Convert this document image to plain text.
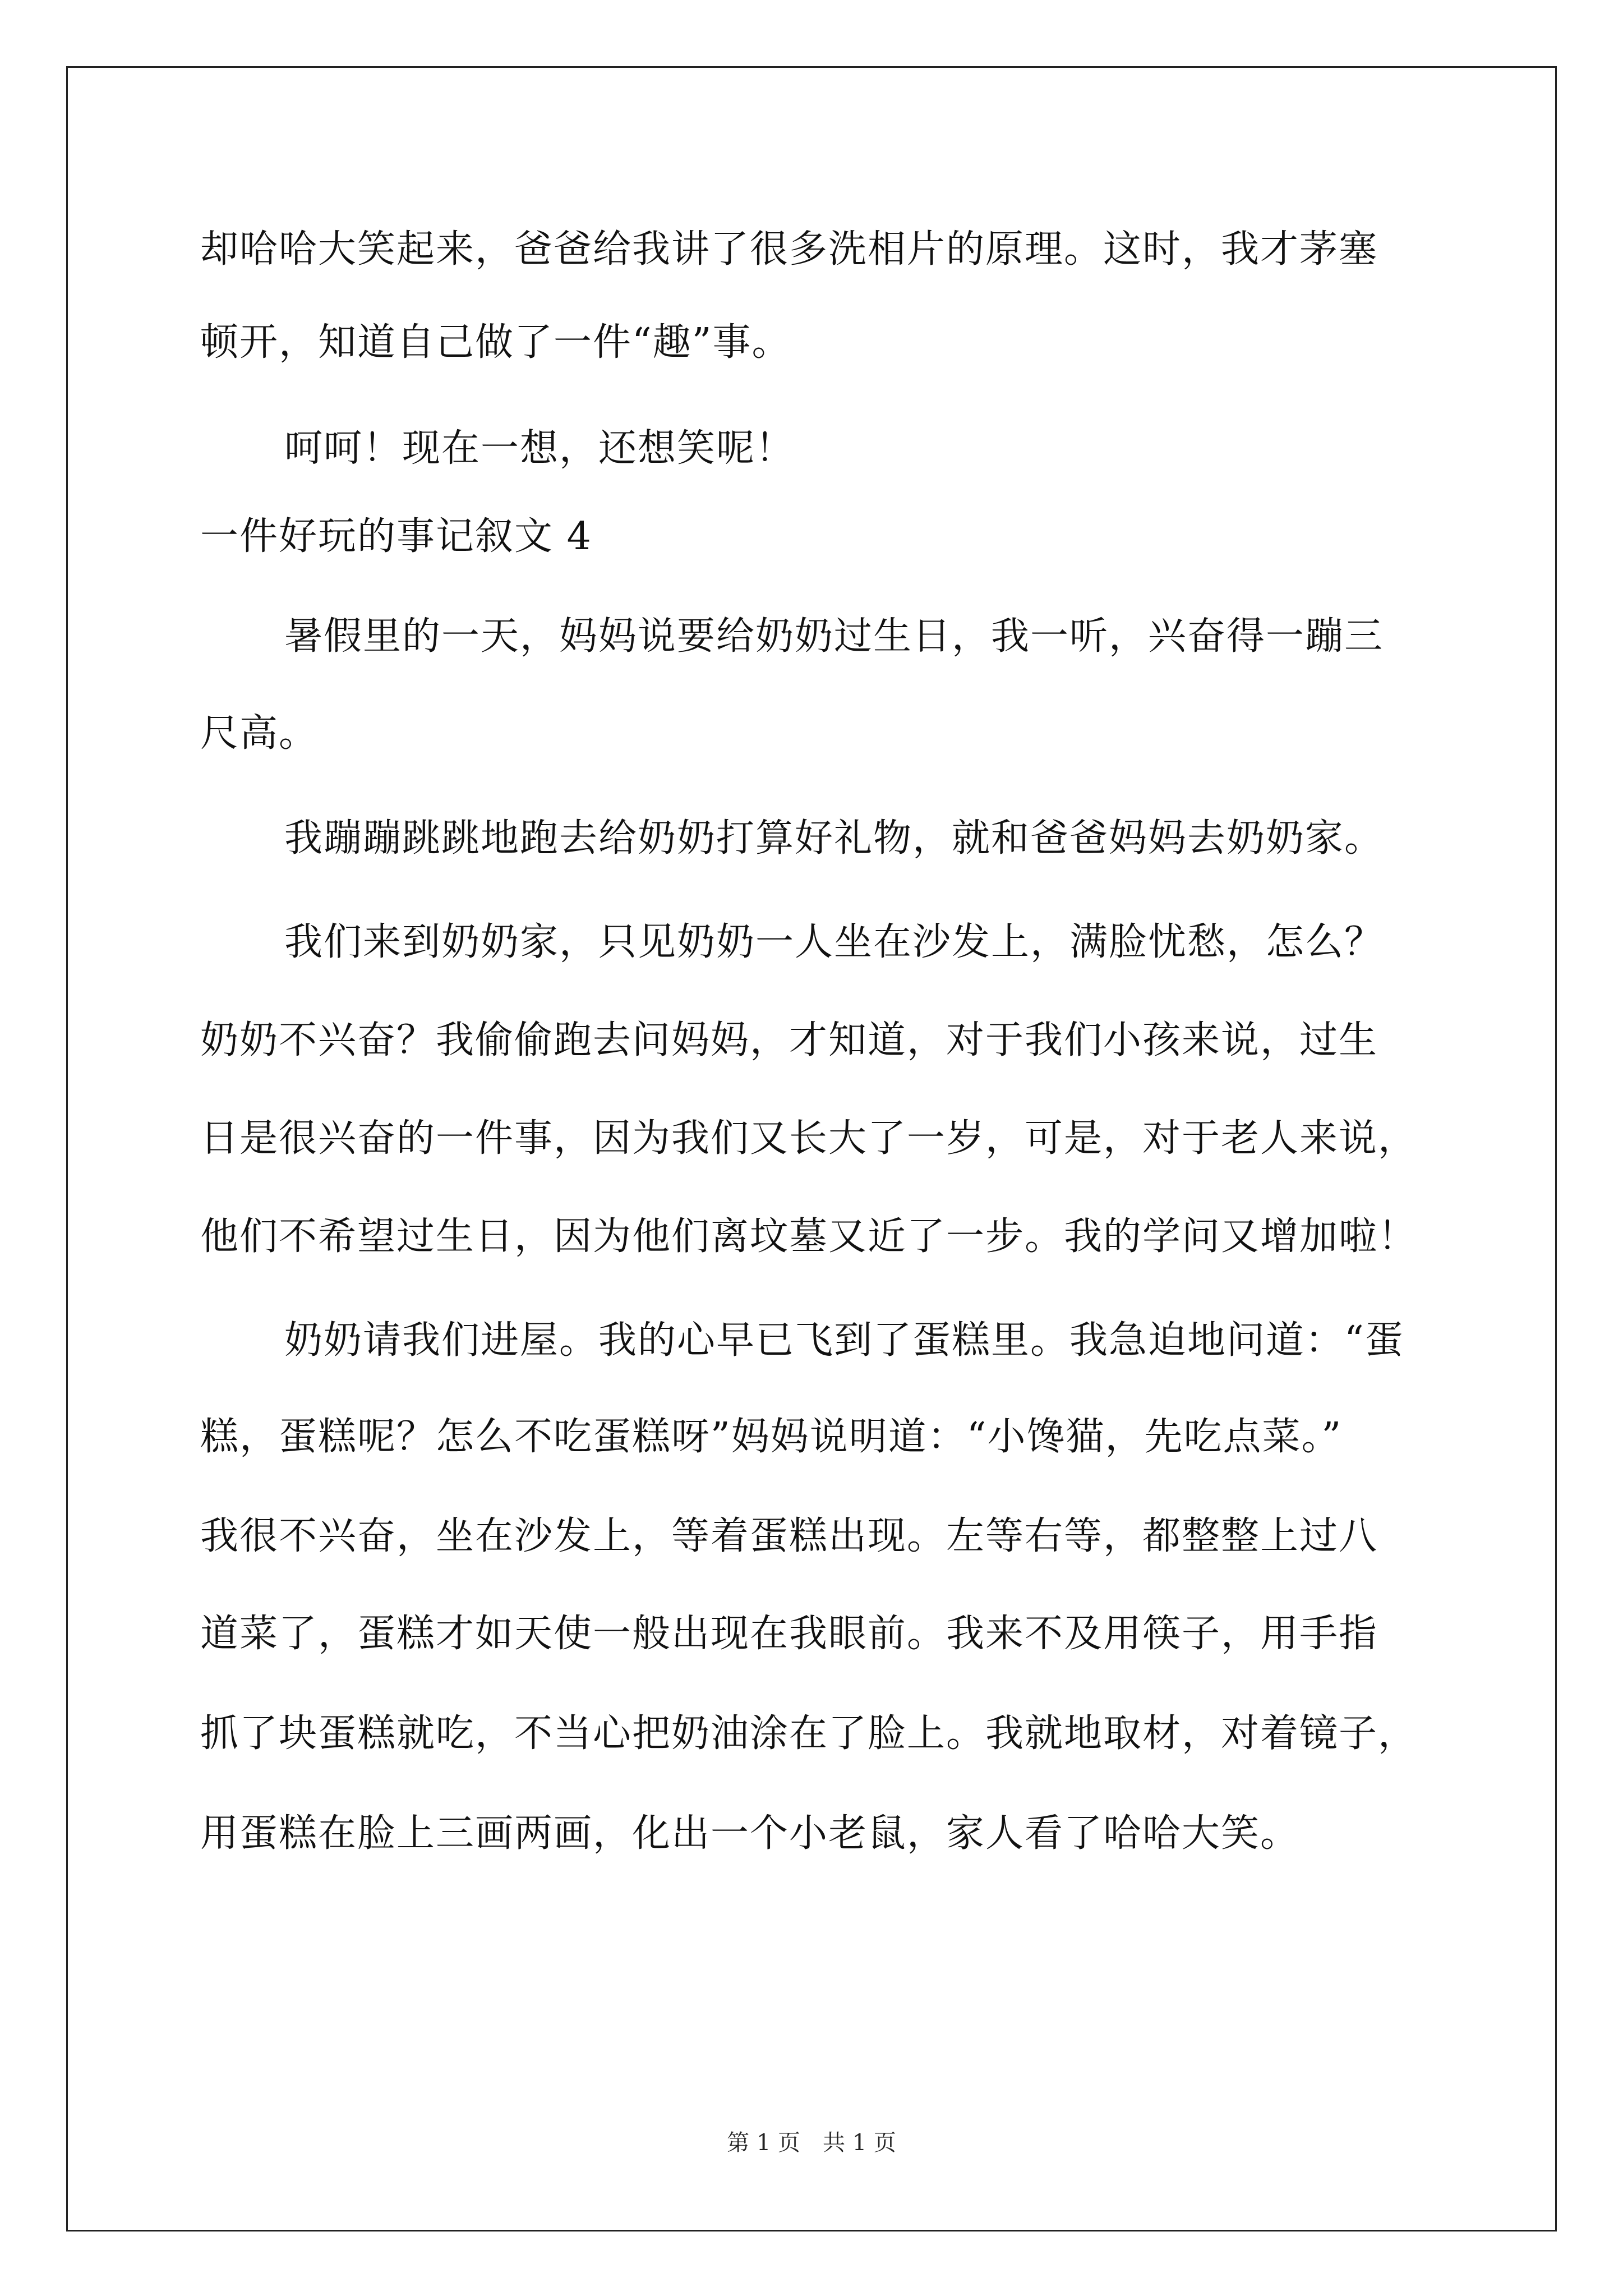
却哈哈大笑起来，爸爸给我讲了很多洗相片的原理。这时，我才茅塞
顿开，知道自己做了一件“趣”事。
呵呵！现在一想，还想笑呢！
一件好玩的事记叙文 4
暑假里的一天，妈妈说要给奶奶过生日，我一听，兴奋得一蹦三
尺高。
我蹦蹦跳跳地跑去给奶奶打算好礼物，就和爸爸妈妈去奶奶家。
我们来到奶奶家，只见奶奶一人坐在沙发上，满脸忧愁，怎么？
奶奶不兴奋？我偷偷跑去问妈妈，才知道，对于我们小孩来说，过生
日是很兴奋的一件事，因为我们又长大了一岁，可是，对于老人来说，
他们不希望过生日，因为他们离坟墓又近了一步。我的学问又增加啦！
奶奶请我们进屋。我的心早已飞到了蛋糕里。我急迫地问道：“蛋
糕，蛋糕呢？怎么不吃蛋糕呀”妈妈说明道：“小馋猫，先吃点菜。”
我很不兴奋，坐在沙发上，等着蛋糕出现。左等右等，都整整上过八
道菜了，蛋糕才如天使一般出现在我眼前。我来不及用筷子，用手指
抓了块蛋糕就吃，不当心把奶油涂在了脸上。我就地取材，对着镜子，
用蛋糕在脸上三画两画，化出一个小老鼠，家人看了哈哈大笑。
第 1 页　共 1 页
